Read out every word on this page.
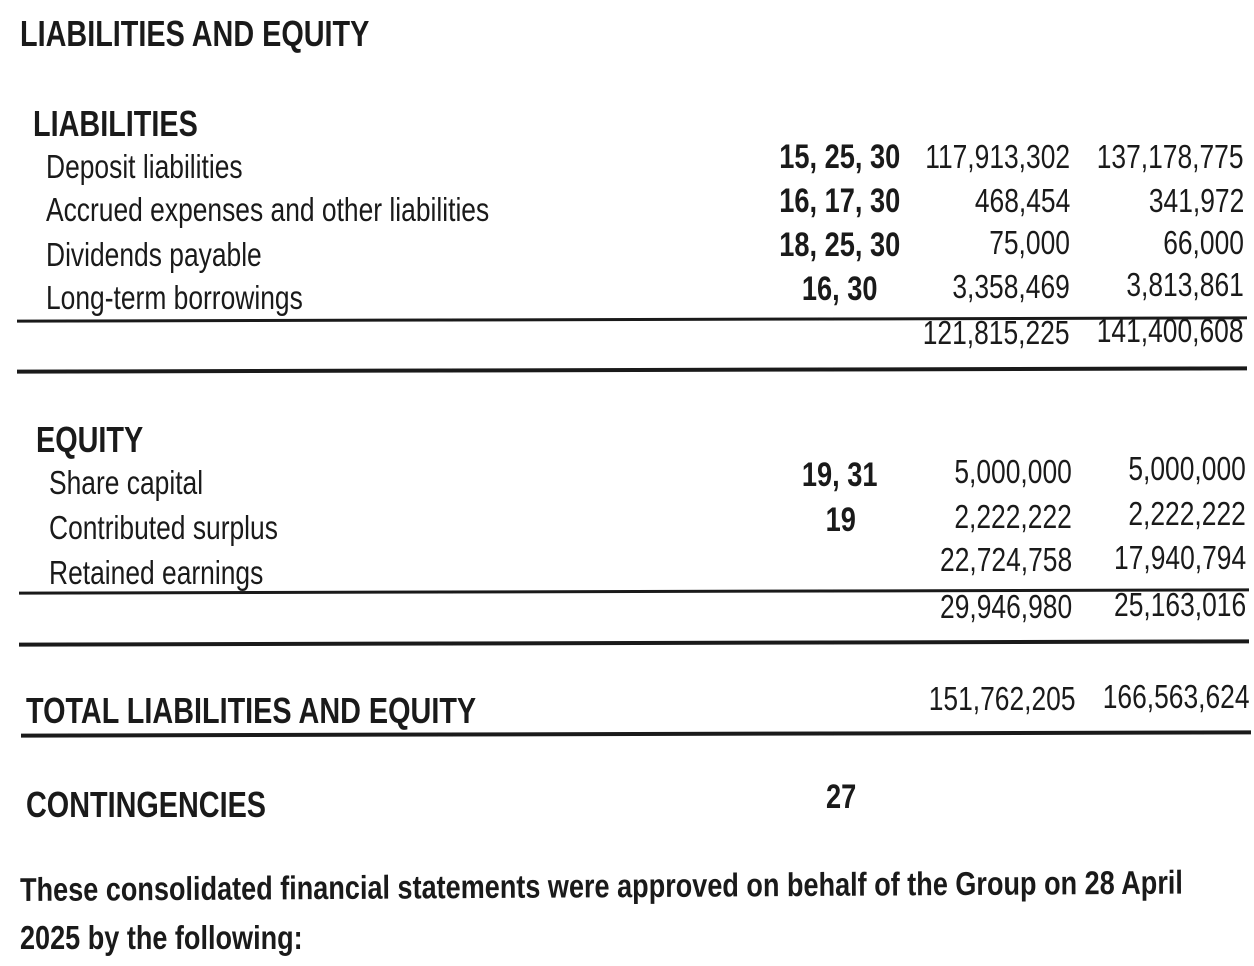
LIABILITIES AND EQUITY
LIABILITIES
Deposit liabilities	15, 25, 30 117,913,302 137,178,775
Accrued expenses and other liabilities	16, 17, 30 468,454 341,972
Dividends payable	18, 25, 30	75,000	66,000
Long-term borrowings	16, 30 3,358,469 3,813,861
121,815,225 141,400,608
EQUITY
Share capital	19, 31 5,000,000 5,000,000
Contributed surplus	19	2,222,222 2,222,222
Retained earnings	22,724,758 17,940,794
29,946,980 25,163,016
TOTAL LIABILITIES AND EQUITY	151,762,205 166,563,624
CONTINGENCIES	27
These consolidated financial statements were approved on behalf of the Group on 28 April
2025 by the following:
